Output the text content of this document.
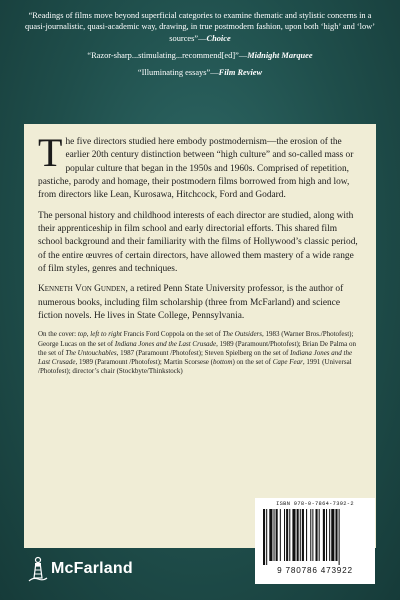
“Readings of films move beyond superficial categories to examine thematic and stylistic concerns in a quasi-journalistic, quasi-academic way, drawing, in true postmodern fashion, upon both ‘high’ and ‘low’ sources”—Choice

“Razor-sharp...stimulating...recommend[ed]”—Midnight Marquee

“Illuminating essays”—Film Review

The five directors studied here embody postmodernism—the erosion of the earlier 20th century distinction between “high culture” and so-called mass or popular culture that began in the 1950s and 1960s. Comprised of repetition, pastiche, parody and homage, their postmodern films borrowed from high and low, from directors like Lean, Kurosawa, Hitchcock, Ford and Godard.

The personal history and childhood interests of each director are studied, along with their apprenticeship in film school and early directorial efforts. This shared film school background and their familiarity with the films of Hollywood’s classic period, of the entire œuvres of certain directors, have allowed them mastery of a wide range of film styles, genres and techniques.

Kenneth Von Gunden, a retired Penn State University professor, is the author of numerous books, including film scholarship (three from McFarland) and science fiction novels. He lives in State College, Pennsylvania.

On the cover: top, left to right Francis Ford Coppola on the set of The Outsiders, 1983 (Warner Bros./Photofest); George Lucas on the set of Indiana Jones and the Last Crusade, 1989 (Paramount/Photofest); Brian De Palma on the set of The Untouchables, 1987 (Paramount /Photofest); Steven Spielberg on the set of Indiana Jones and the Last Crusade, 1989 (Paramount /Photofest); Martin Scorsese (bottom) on the set of Cape Fear, 1991 (Universal /Photofest); director’s chair (Stockbyte/Thinkstock)

ISBN 978-0-7864-7392-2
9 780786 473922
McFarland
